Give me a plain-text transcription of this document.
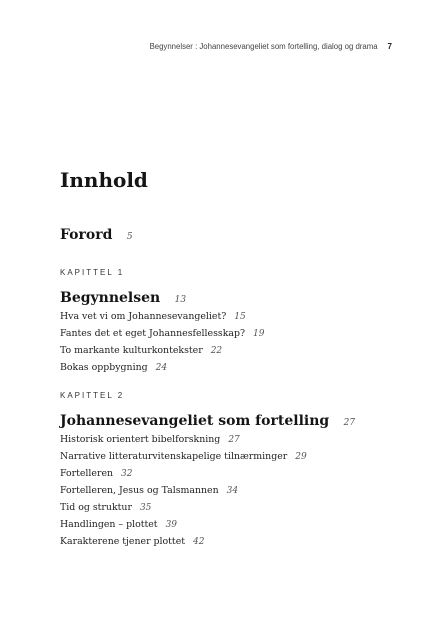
Begynnelser : Johannesevangeliet som fortelling, dialog og drama 7
Innhold
Forord 5
KAPITTEL 1
Begynnelsen 13
Hva vet vi om Johannesevangeliet? 15
Fantes det et eget Johannesfellesskap? 19
To markante kulturkontekster 22
Bokas oppbygning 24
KAPITTEL 2
Johannesevangeliet som fortelling 27
Historisk orientert bibelforskning 27
Narrative litteraturvitenskapelige tilnærminger 29
Fortelleren 32
Fortelleren, Jesus og Talsmannen 34
Tid og struktur 35
Handlingen – plottet 39
Karakterene tjener plottet 42
